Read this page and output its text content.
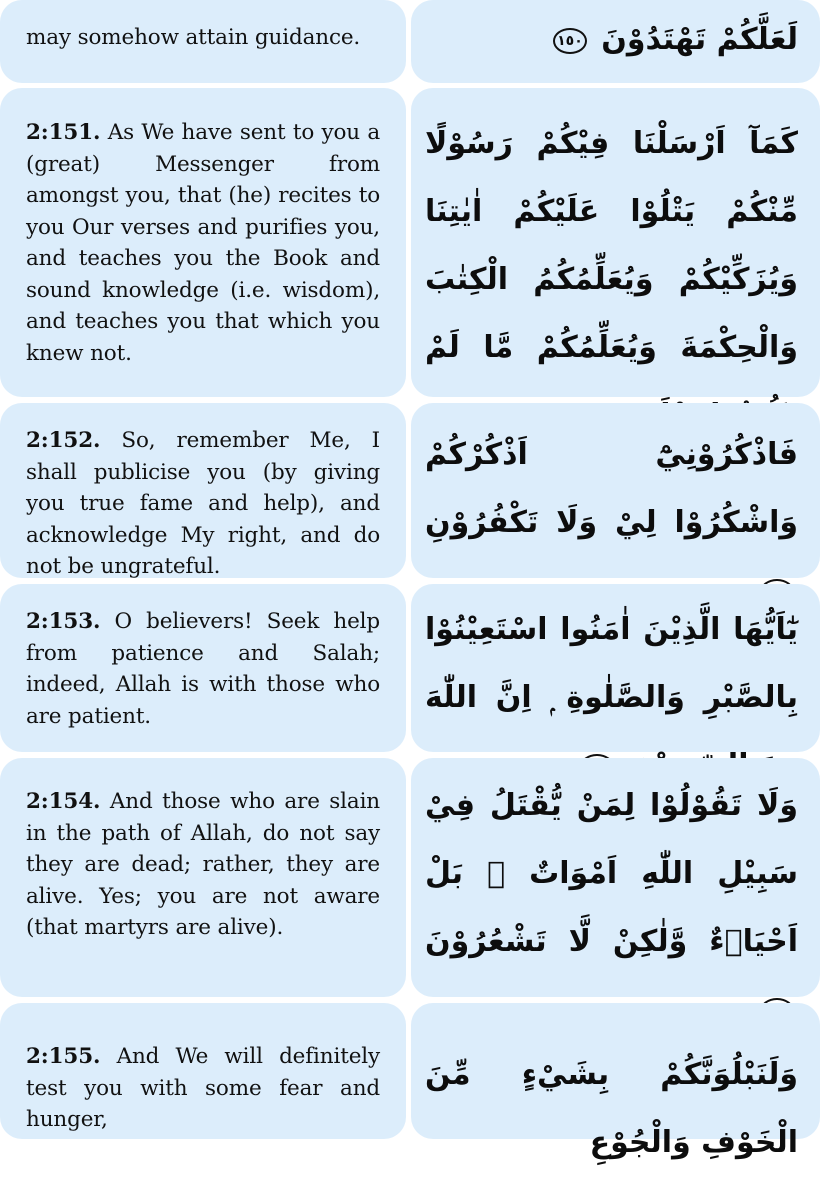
may somehow attain guidance.	لَعَلَّكُمْ تَهْتَدُوْنَ ١٥٠
2:151. As We have sent to you a (great) Messenger from amongst you, that (he) recites to you Our verses and purifies you, and teaches you the Book and sound knowledge (i.e. wisdom), and teaches you that which you knew not.
كَمَآ اَرْسَلْنَا فِيْكُمْ رَسُوْلًا مِّنْكُمْ يَتْلُوْا عَلَيْكُمْ اٰيٰتِنَا وَيُزَكِّيْكُمْ وَيُعَلِّمُكُمُ الْكِتٰبَ وَالْحِكْمَةَ وَيُعَلِّمُكُمْ مَّا لَمْ
2:152. So, remember Me, I shall publicise you (by giving you true fame and help), and acknowledge My right, and do not be ungrateful.
فَاذْكُرُوْنِيْٓ اَذْكُرْكُمْ وَاشْكُرُوْا لِيْ وَلَا تَكْفُرُوْنِ
2:153. O believers! Seek help from patience and Salah; indeed, Allah is with those who are patient.
يٰٓاَيُّهَا الَّذِيْنَ اٰمَنُوا اسْتَعِيْنُوْا بِالصَّبْرِ وَالصَّلٰوةِ ۭ اِنَّ اللّٰهَ
2:154. And those who are slain in the path of Allah, do not say they are dead; rather, they are alive. Yes; you are not aware (that martyrs are alive).
وَلَا تَقُوْلُوْا لِمَنْ يُّقْتَلُ فِيْ سَبِيْلِ اللّٰهِ اَمْوَاتٌ ۭ بَلْ اَحْيَاۗءٌ وَّلٰكِنْ لَّا تَشْعُرُوْنَ
2:155. And We will definitely test you with some fear and hunger,
وَلَنَبْلُوَنَّكُمْ بِشَيْءٍ مِّنَ الْخَوْفِ وَالْجُوْعِ
